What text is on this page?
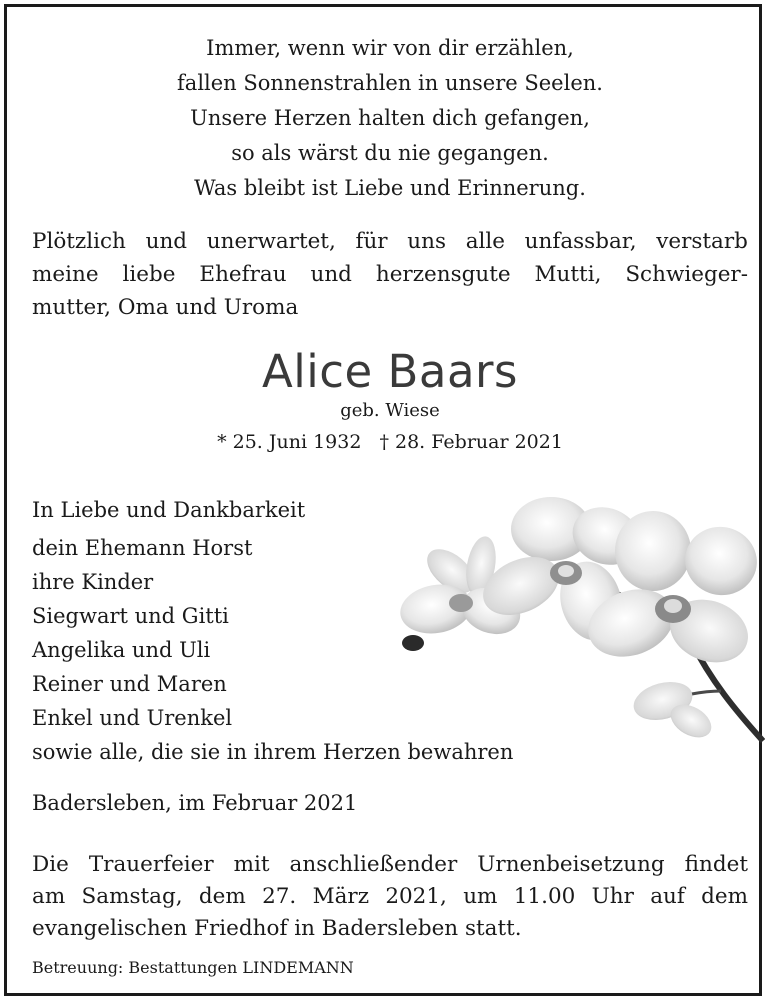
Immer, wenn wir von dir erzählen,
fallen Sonnenstrahlen in unsere Seelen.
Unsere Herzen halten dich gefangen,
so als wärst du nie gegangen.
Was bleibt ist Liebe und Erinnerung.
Plötzlich und unerwartet, für uns alle unfassbar, verstarb
meine liebe Ehefrau und herzensgute Mutti, Schwieger-
mutter, Oma und Uroma
Alice Baars
geb. Wiese
* 25. Juni 1932 † 28. Februar 2021
In Liebe und Dankbarkeit
dein Ehemann Horst
ihre Kinder
Siegwart und Gitti
Angelika und Uli
Reiner und Maren
Enkel und Urenkel
sowie alle, die sie in ihrem Herzen bewahren
Badersleben, im Februar 2021
Die Trauerfeier mit anschließender Urnenbeisetzung findet
am Samstag, dem 27. März 2021, um 11.00 Uhr auf dem
evangelischen Friedhof in Badersleben statt.
Betreuung: Bestattungen LINDEMANN
